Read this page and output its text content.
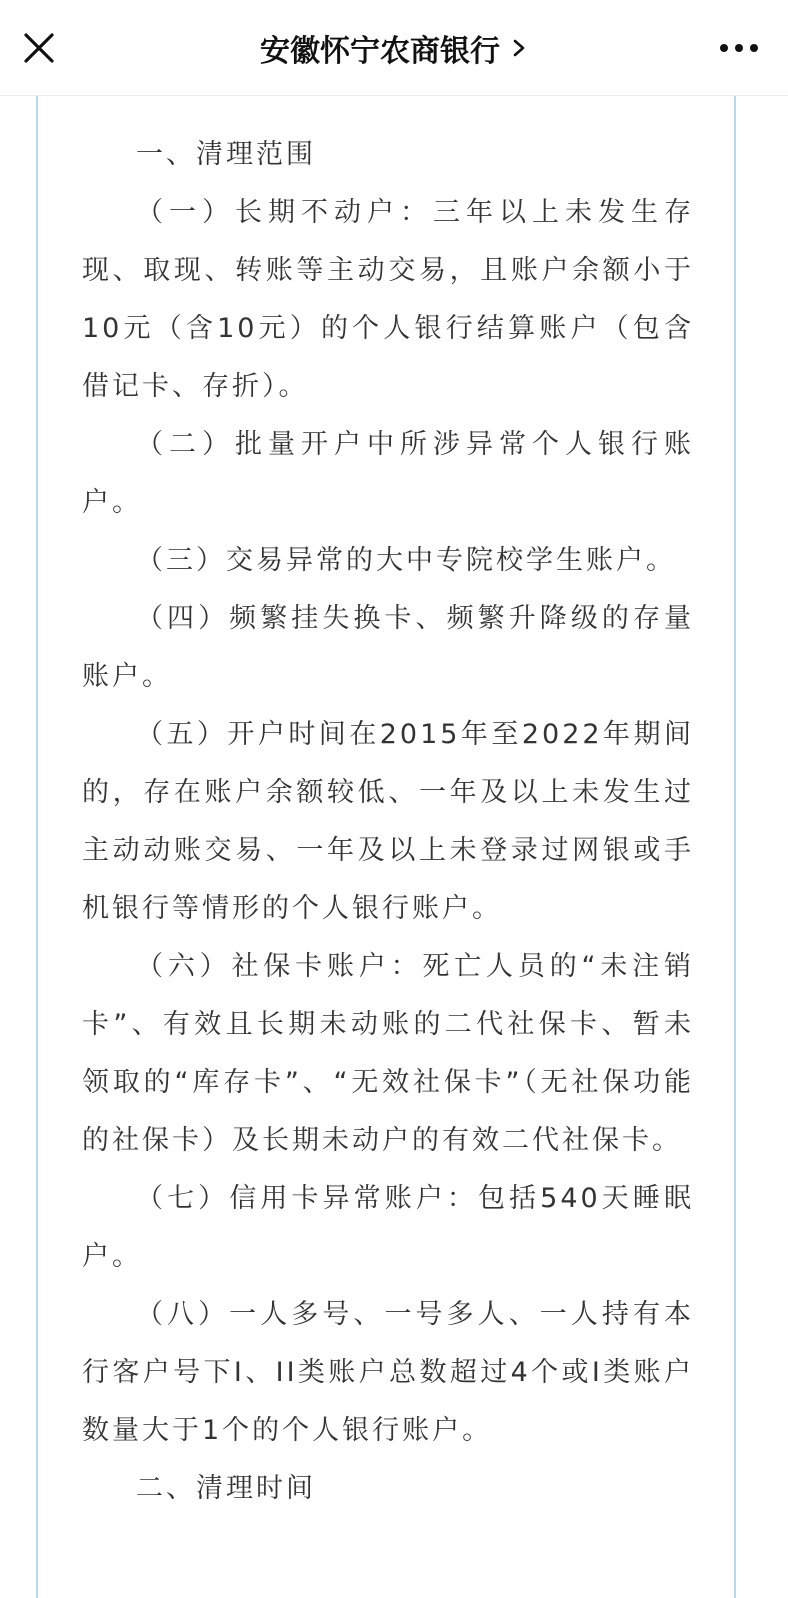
安徽怀宁农商银行

一、清理范围

（一）长期不动户：三年以上未发生存现、取现、转账等主动交易，且账户余额小于10元（含10元）的个人银行结算账户（包含借记卡、存折）。

（二）批量开户中所涉异常个人银行账户。

（三）交易异常的大中专院校学生账户。

（四）频繁挂失换卡、频繁升降级的存量账户。

（五）开户时间在2015年至2022年期间的，存在账户余额较低、一年及以上未发生过主动动账交易、一年及以上未登录过网银或手机银行等情形的个人银行账户。

（六）社保卡账户：死亡人员的“未注销卡”、有效且长期未动账的二代社保卡、暂未领取的“库存卡”、“无效社保卡”（无社保功能的社保卡）及长期未动户的有效二代社保卡。

（七）信用卡异常账户：包括540天睡眠户。

（八）一人多号、一号多人、一人持有本行客户号下I、II类账户总数超过4个或I类账户数量大于1个的个人银行账户。

二、清理时间
